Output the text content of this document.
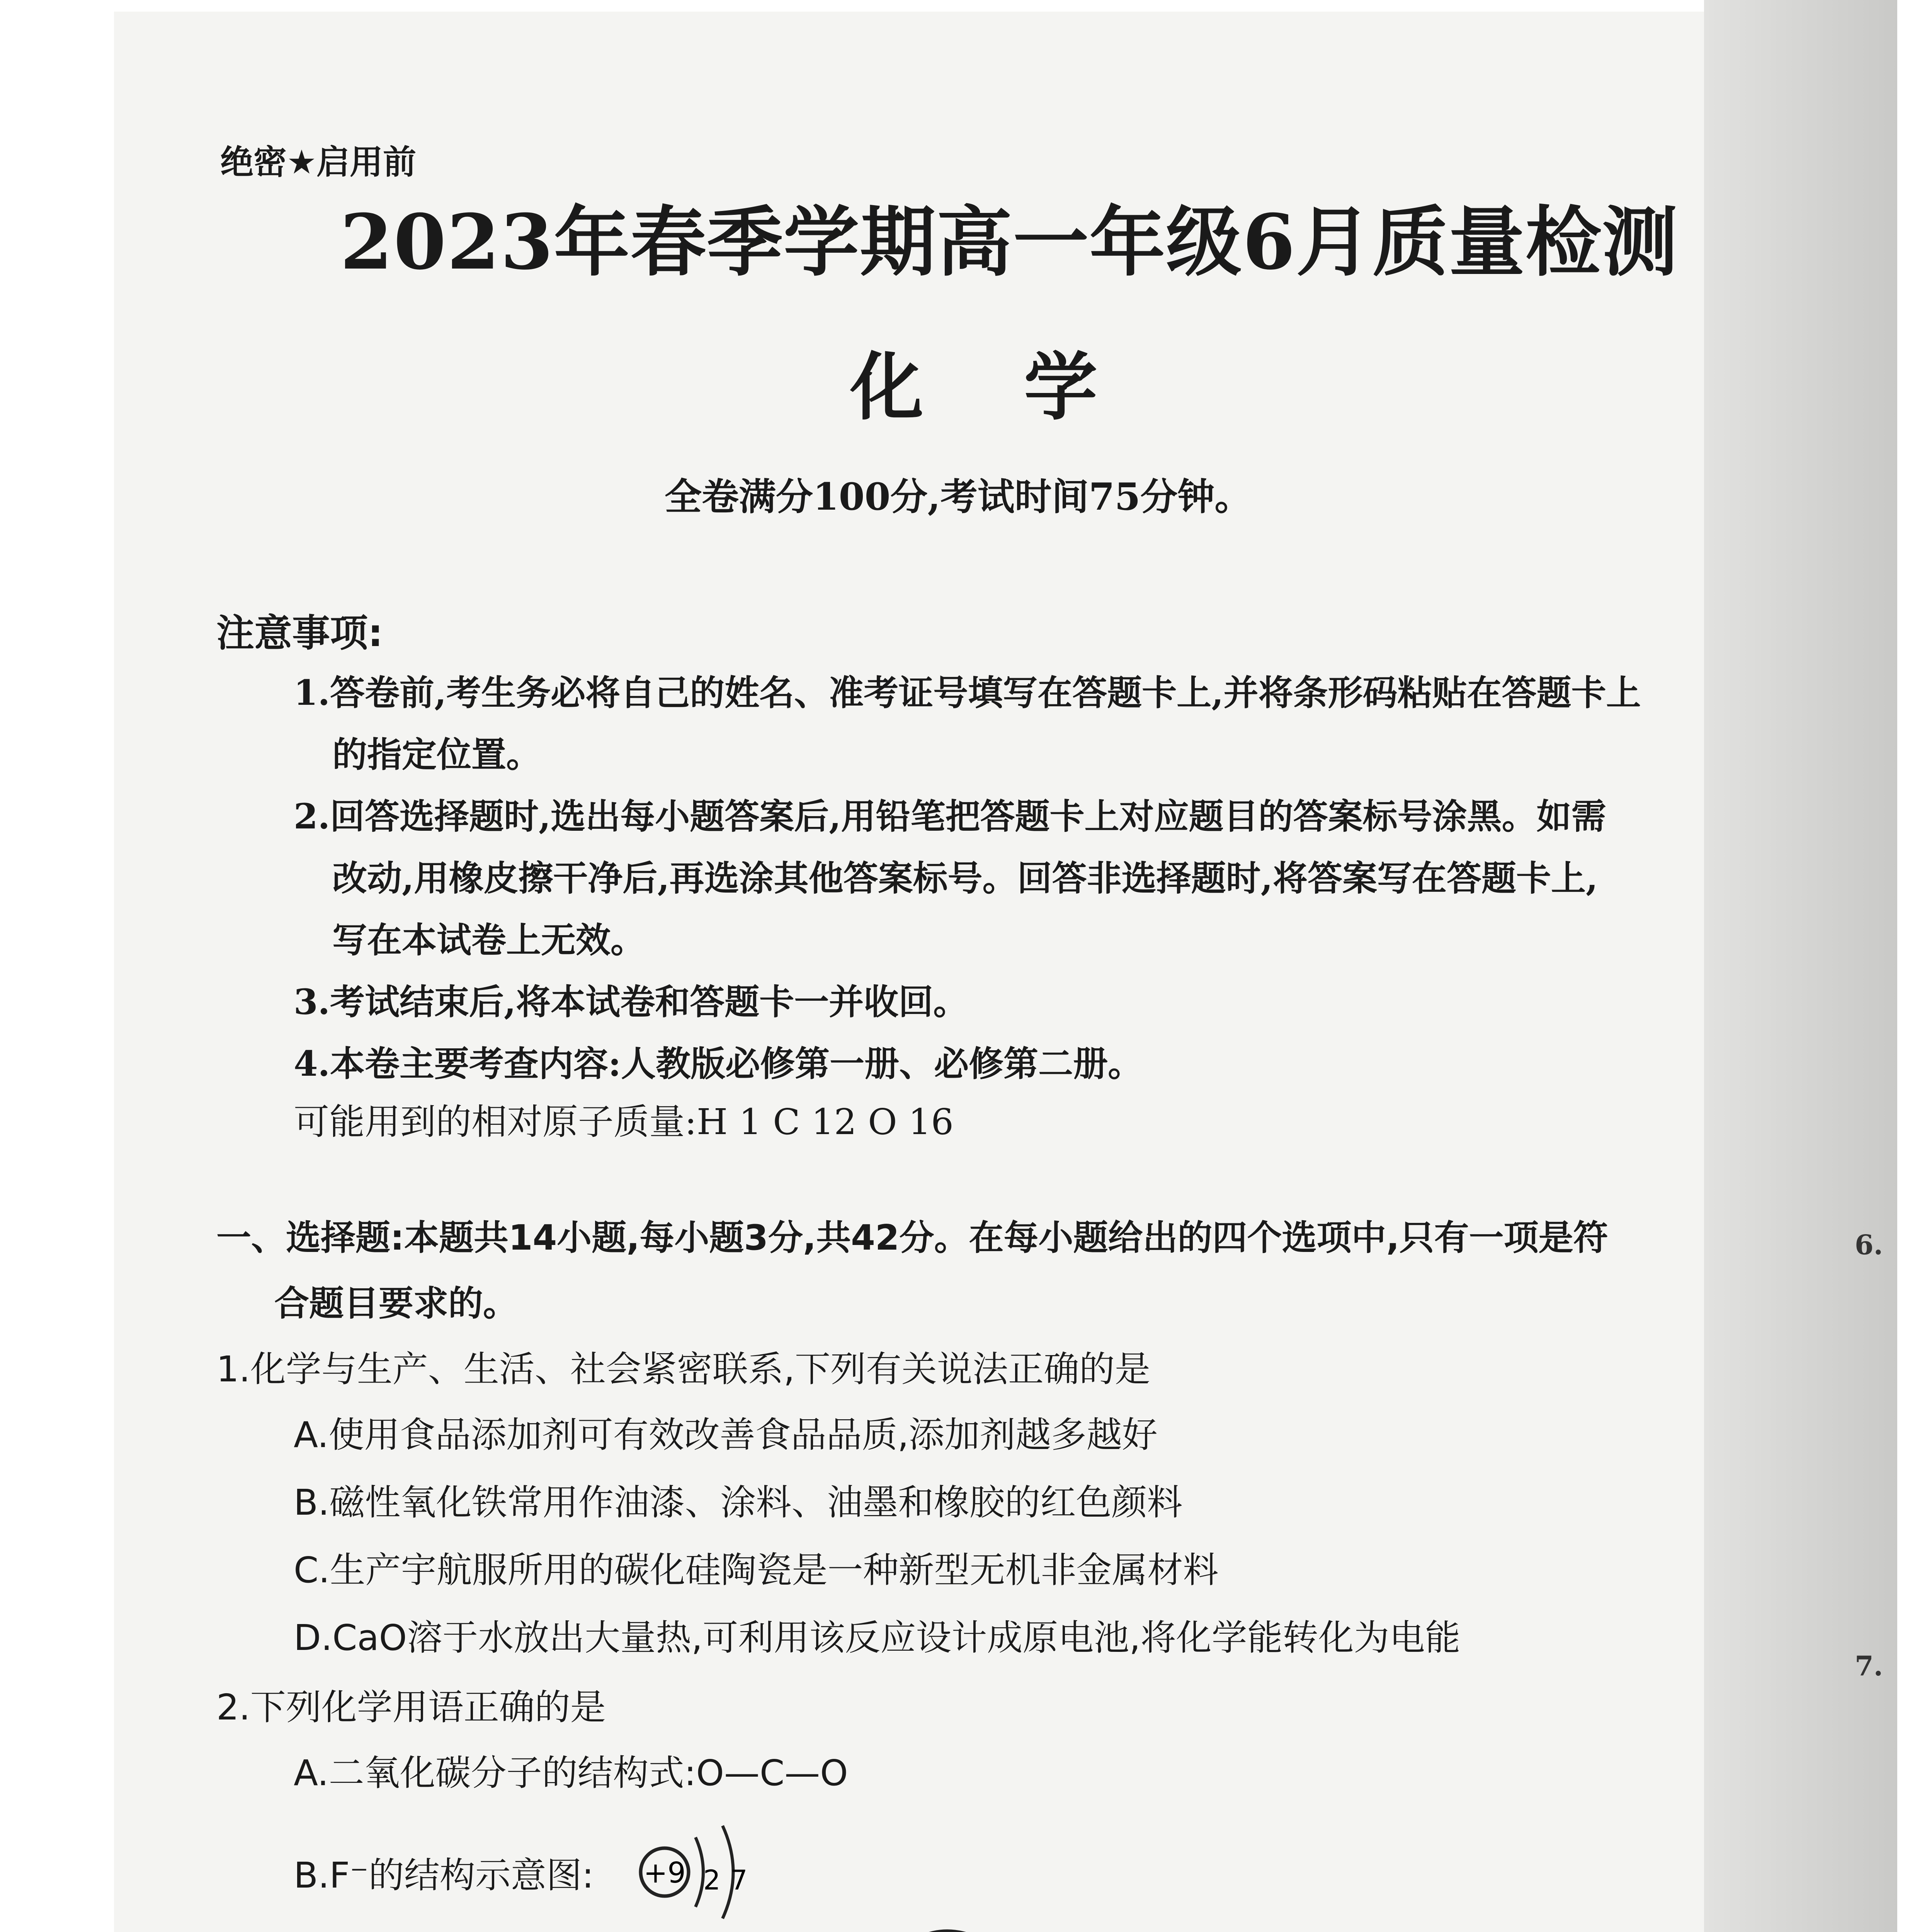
绝密★启用前
2023年春季学期高一年级6月质量检测
化学
全卷满分100分,考试时间75分钟。
注意事项:
1.答卷前,考生务必将自己的姓名、准考证号填写在答题卡上,并将条形码粘贴在答题卡上
的指定位置。
2.回答选择题时,选出每小题答案后,用铅笔把答题卡上对应题目的答案标号涂黑。如需
改动,用橡皮擦干净后,再选涂其他答案标号。回答非选择题时,将答案写在答题卡上,
写在本试卷上无效。
3.考试结束后,将本试卷和答题卡一并收回。
4.本卷主要考查内容:人教版必修第一册、必修第二册。
可能用到的相对原子质量:H 1 C 12 O 16
一、选择题:本题共14小题,每小题3分,共42分。在每小题给出的四个选项中,只有一项是符
合题目要求的。
1.化学与生产、生活、社会紧密联系,下列有关说法正确的是
A.使用食品添加剂可有效改善食品品质,添加剂越多越好
B.磁性氧化铁常用作油漆、涂料、油墨和橡胶的红色颜料
C.生产宇航服所用的碳化硅陶瓷是一种新型无机非金属材料
D.CaO溶于水放出大量热,可利用该反应设计成原电池,将化学能转化为电能
2.下列化学用语正确的是
A.二氧化碳分子的结构式:O—C—O
B.F⁻的结构示意图: +9 2 7
6.
7.
